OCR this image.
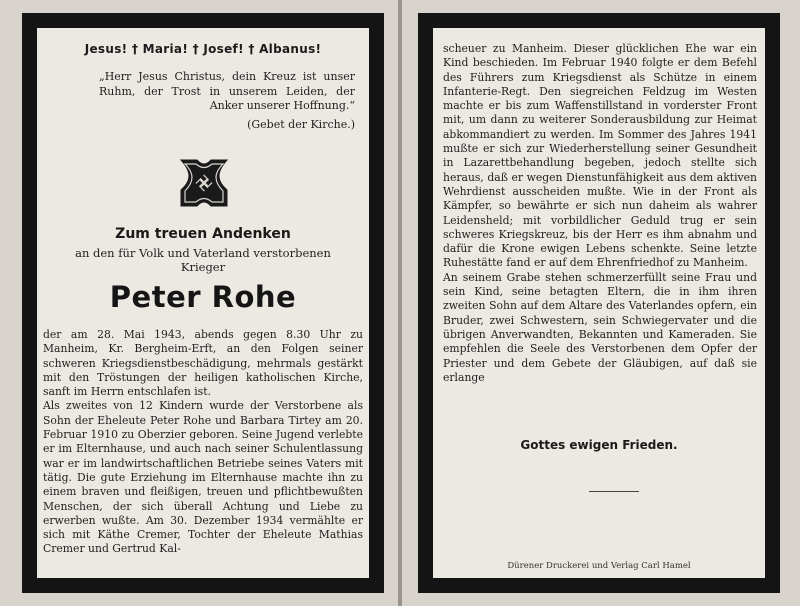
Jesus! † Maria! † Josef! † Albanus!
„Herr Jesus Christus, dein Kreuz ist unser Ruhm, der Trost in unserem Leiden, der Anker unserer Hoffnung.“
(Gebet der Kirche.)
Zum treuen Andenken
an den für Volk und Vaterland verstorbenen
Krieger
Peter Rohe

der am 28. Mai 1943, abends gegen 8.30 Uhr zu Manheim, Kr. Bergheim-Erft, an den Folgen seiner schweren Kriegsdienstbeschädigung, mehrmals gestärkt mit den Tröstungen der heiligen katholischen Kirche, sanft im Herrn entschlafen ist.

Als zweites von 12 Kindern wurde der Verstorbene als Sohn der Eheleute Peter Rohe und Barbara Tirtey am 20. Februar 1910 zu Oberzier geboren. Seine Jugend verlebte er im Elternhause, und auch nach seiner Schulentlassung war er im landwirtschaftlichen Betriebe seines Vaters mit tätig. Die gute Erziehung im Elternhause machte ihn zu einem braven und fleißigen, treuen und pflichtbewußten Menschen, der sich überall Achtung und Liebe zu erwerben wußte. Am 30. Dezember 1934 vermählte er sich mit Käthe Cremer, Tochter der Eheleute Mathias Cremer und Gertrud Kal-

scheuer zu Manheim. Dieser glücklichen Ehe war ein Kind beschieden. Im Februar 1940 folgte er dem Befehl des Führers zum Kriegsdienst als Schütze in einem Infanterie-Regt. Den siegreichen Feldzug im Westen machte er bis zum Waffenstillstand in vorderster Front mit, um dann zu weiterer Sonderausbildung zur Heimat abkommandiert zu werden. Im Sommer des Jahres 1941 mußte er sich zur Wiederherstellung seiner Gesundheit in Lazarettbehandlung begeben, jedoch stellte sich heraus, daß er wegen Dienstunfähigkeit aus dem aktiven Wehrdienst ausscheiden mußte. Wie in der Front als Kämpfer, so bewährte er sich nun daheim als wahrer Leidensheld; mit vorbildlicher Geduld trug er sein schweres Kriegskreuz, bis der Herr es ihm abnahm und dafür die Krone ewigen Lebens schenkte. Seine letzte Ruhestätte fand er auf dem Ehrenfriedhof zu Manheim.

An seinem Grabe stehen schmerzerfüllt seine Frau und sein Kind, seine betagten Eltern, die in ihm ihren zweiten Sohn auf dem Altare des Vaterlandes opfern, ein Bruder, zwei Schwestern, sein Schwiegervater und die übrigen Anverwandten, Bekannten und Kameraden. Sie empfehlen die Seele des Verstorbenen dem Opfer der Priester und dem Gebete der Gläubigen, auf daß sie erlange

Gottes ewigen Frieden.
Dürener Druckerei und Verlag Carl Hamel
